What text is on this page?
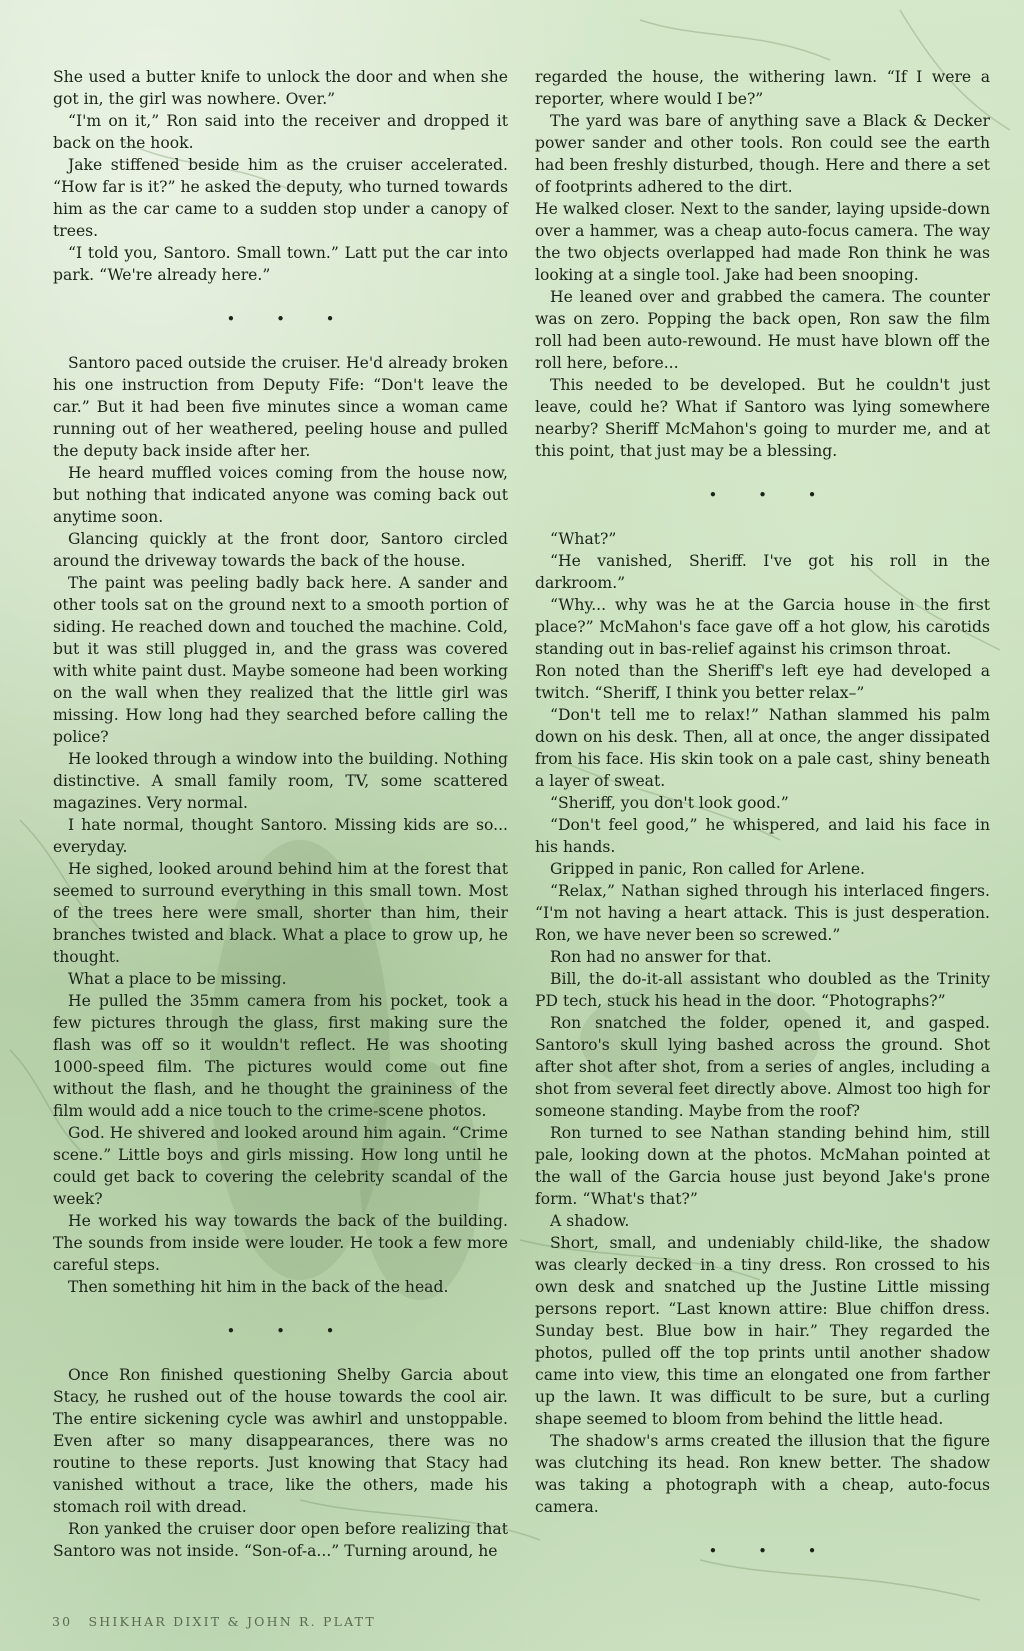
She used a butter knife to unlock the door and when she got in, the girl was nowhere. Over.”

“I'm on it,” Ron said into the receiver and dropped it back on the hook.

Jake stiffened beside him as the cruiser accelerated. “How far is it?” he asked the deputy, who turned towards him as the car came to a sudden stop under a canopy of trees.

“I told you, Santoro. Small town.” Latt put the car into park. “We're already here.”

• • •

Santoro paced outside the cruiser. He'd already broken his one instruction from Deputy Fife: “Don't leave the car.” But it had been five minutes since a woman came running out of her weathered, peeling house and pulled the deputy back inside after her.

He heard muffled voices coming from the house now, but nothing that indicated anyone was coming back out anytime soon.

Glancing quickly at the front door, Santoro circled around the driveway towards the back of the house.

The paint was peeling badly back here. A sander and other tools sat on the ground next to a smooth portion of siding. He reached down and touched the machine. Cold, but it was still plugged in, and the grass was covered with white paint dust. Maybe someone had been working on the wall when they realized that the little girl was missing. How long had they searched before calling the police?

He looked through a window into the building. Nothing distinctive. A small family room, TV, some scattered magazines. Very normal.

I hate normal, thought Santoro. Missing kids are so... everyday.

He sighed, looked around behind him at the forest that seemed to surround everything in this small town. Most of the trees here were small, shorter than him, their branches twisted and black. What a place to grow up, he thought.

What a place to be missing.

He pulled the 35mm camera from his pocket, took a few pictures through the glass, first making sure the flash was off so it wouldn't reflect. He was shooting 1000-speed film. The pictures would come out fine without the flash, and he thought the graininess of the film would add a nice touch to the crime-scene photos.

God. He shivered and looked around him again. “Crime scene.” Little boys and girls missing. How long until he could get back to covering the celebrity scandal of the week?

He worked his way towards the back of the building. The sounds from inside were louder. He took a few more careful steps.

Then something hit him in the back of the head.

• • •

Once Ron finished questioning Shelby Garcia about Stacy, he rushed out of the house towards the cool air. The entire sickening cycle was awhirl and unstoppable. Even after so many disappearances, there was no routine to these reports. Just knowing that Stacy had vanished without a trace, like the others, made his stomach roil with dread.

Ron yanked the cruiser door open before realizing that Santoro was not inside. “Son-of-a...” Turning around, he

regarded the house, the withering lawn. “If I were a reporter, where would I be?”

The yard was bare of anything save a Black & Decker power sander and other tools. Ron could see the earth had been freshly disturbed, though. Here and there a set of footprints adhered to the dirt.

He walked closer. Next to the sander, laying upside-down over a hammer, was a cheap auto-focus camera. The way the two objects overlapped had made Ron think he was looking at a single tool. Jake had been snooping.

He leaned over and grabbed the camera. The counter was on zero. Popping the back open, Ron saw the film roll had been auto-rewound. He must have blown off the roll here, before...

This needed to be developed. But he couldn't just leave, could he? What if Santoro was lying somewhere nearby? Sheriff McMahon's going to murder me, and at this point, that just may be a blessing.

• • •

“What?”

“He vanished, Sheriff. I've got his roll in the darkroom.”

“Why... why was he at the Garcia house in the first place?” McMahon's face gave off a hot glow, his carotids standing out in bas-relief against his crimson throat.

Ron noted than the Sheriff's left eye had developed a twitch. “Sheriff, I think you better relax–”

“Don't tell me to relax!” Nathan slammed his palm down on his desk. Then, all at once, the anger dissipated from his face. His skin took on a pale cast, shiny beneath a layer of sweat.

“Sheriff, you don't look good.”

“Don't feel good,” he whispered, and laid his face in his hands.

Gripped in panic, Ron called for Arlene.

“Relax,” Nathan sighed through his interlaced fingers. “I'm not having a heart attack. This is just desperation. Ron, we have never been so screwed.”

Ron had no answer for that.

Bill, the do-it-all assistant who doubled as the Trinity PD tech, stuck his head in the door. “Photographs?”

Ron snatched the folder, opened it, and gasped. Santoro's skull lying bashed across the ground. Shot after shot after shot, from a series of angles, including a shot from several feet directly above. Almost too high for someone standing. Maybe from the roof?

Ron turned to see Nathan standing behind him, still pale, looking down at the photos. McMahan pointed at the wall of the Garcia house just beyond Jake's prone form. “What's that?”

A shadow.

Short, small, and undeniably child-like, the shadow was clearly decked in a tiny dress. Ron crossed to his own desk and snatched up the Justine Little missing persons report. “Last known attire: Blue chiffon dress. Sunday best. Blue bow in hair.” They regarded the photos, pulled off the top prints until another shadow came into view, this time an elongated one from farther up the lawn. It was difficult to be sure, but a curling shape seemed to bloom from behind the little head.

The shadow's arms created the illusion that the figure was clutching its head. Ron knew better. The shadow was taking a photograph with a cheap, auto-focus camera.

• • •
30 SHIKHAR DIXIT & JOHN R. PLATT
